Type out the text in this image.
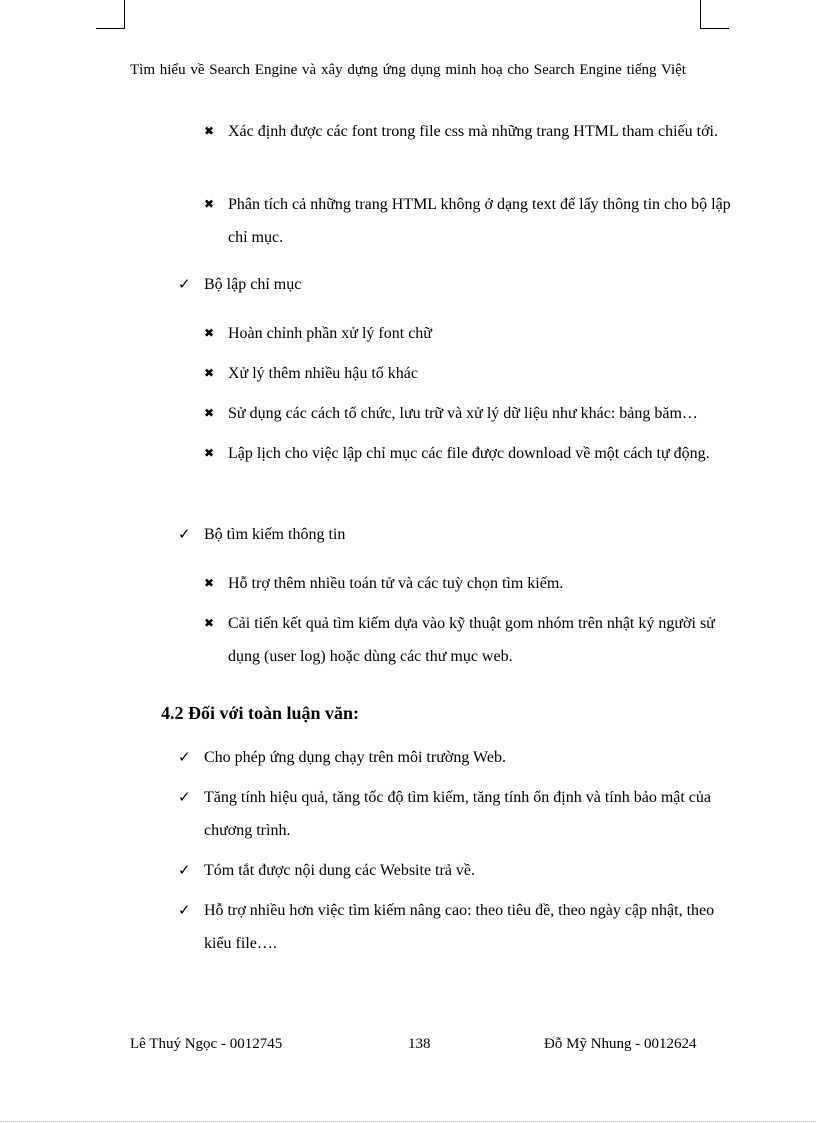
Tìm hiểu về Search Engine và xây dựng ứng dụng minh hoạ cho Search Engine tiếng Việt
✖ Xác định được các font trong file css mà những trang HTML tham chiếu tới.
✖ Phân tích cả những trang HTML không ở dạng text để lấy thông tin cho bộ lập chỉ mục.
✓ Bộ lập chỉ mục
✖ Hoàn chỉnh phần xử lý font chữ
✖ Xử lý thêm nhiều hậu tố khác
✖ Sử dụng các cách tổ chức, lưu trữ và xử lý dữ liệu như khác: bảng băm…
✖ Lập lịch cho việc lập chỉ mục các file được download về một cách tự động.
✓ Bộ tìm kiếm thông tin
✖ Hỗ trợ thêm nhiều toán tử và các tuỳ chọn tìm kiếm.
✖ Cải tiến kết quả tìm kiếm dựa vào kỹ thuật gom nhóm trên nhật ký người sử dụng (user log) hoặc dùng các thư mục web.
4.2 Đối với toàn luận văn:
✓ Cho phép ứng dụng chạy trên môi trường Web.
✓ Tăng tính hiệu quả, tăng tốc độ tìm kiếm, tăng tính ổn định và tính bảo mật của chương trình.
✓ Tóm tắt được nội dung các Website trả về.
✓ Hỗ trợ nhiều hơn việc tìm kiếm nâng cao: theo tiêu đề, theo ngày cập nhật, theo kiểu file….
Lê Thuý Ngọc - 0012745	138	Đỗ Mỹ Nhung - 0012624
